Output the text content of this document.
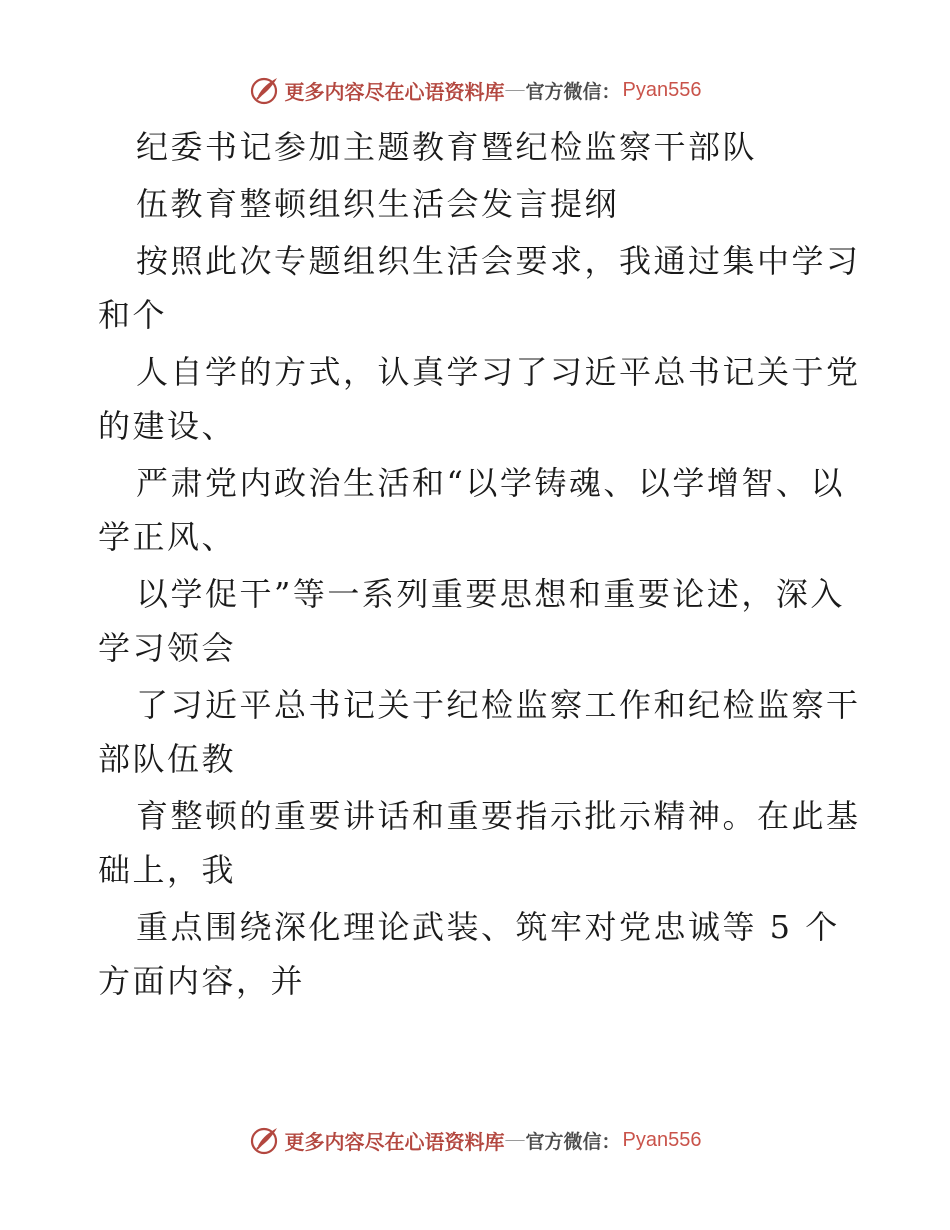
更多内容尽在心语资料库 — 官方微信： Pyan556
纪委书记参加主题教育暨纪检监察干部队
伍教育整顿组织生活会发言提纲
按照此次专题组织生活会要求，我通过集中学习
和个
人自学的方式，认真学习了习近平总书记关于党
的建设、
严肃党内政治生活和“以学铸魂、以学增智、以
学正风、
以学促干”等一系列重要思想和重要论述，深入
学习领会
了习近平总书记关于纪检监察工作和纪检监察干
部队伍教
育整顿的重要讲话和重要指示批示精神。在此基
础上，我
重点围绕深化理论武装、筑牢对党忠诚等 5 个
方面内容，并
更多内容尽在心语资料库 — 官方微信： Pyan556
